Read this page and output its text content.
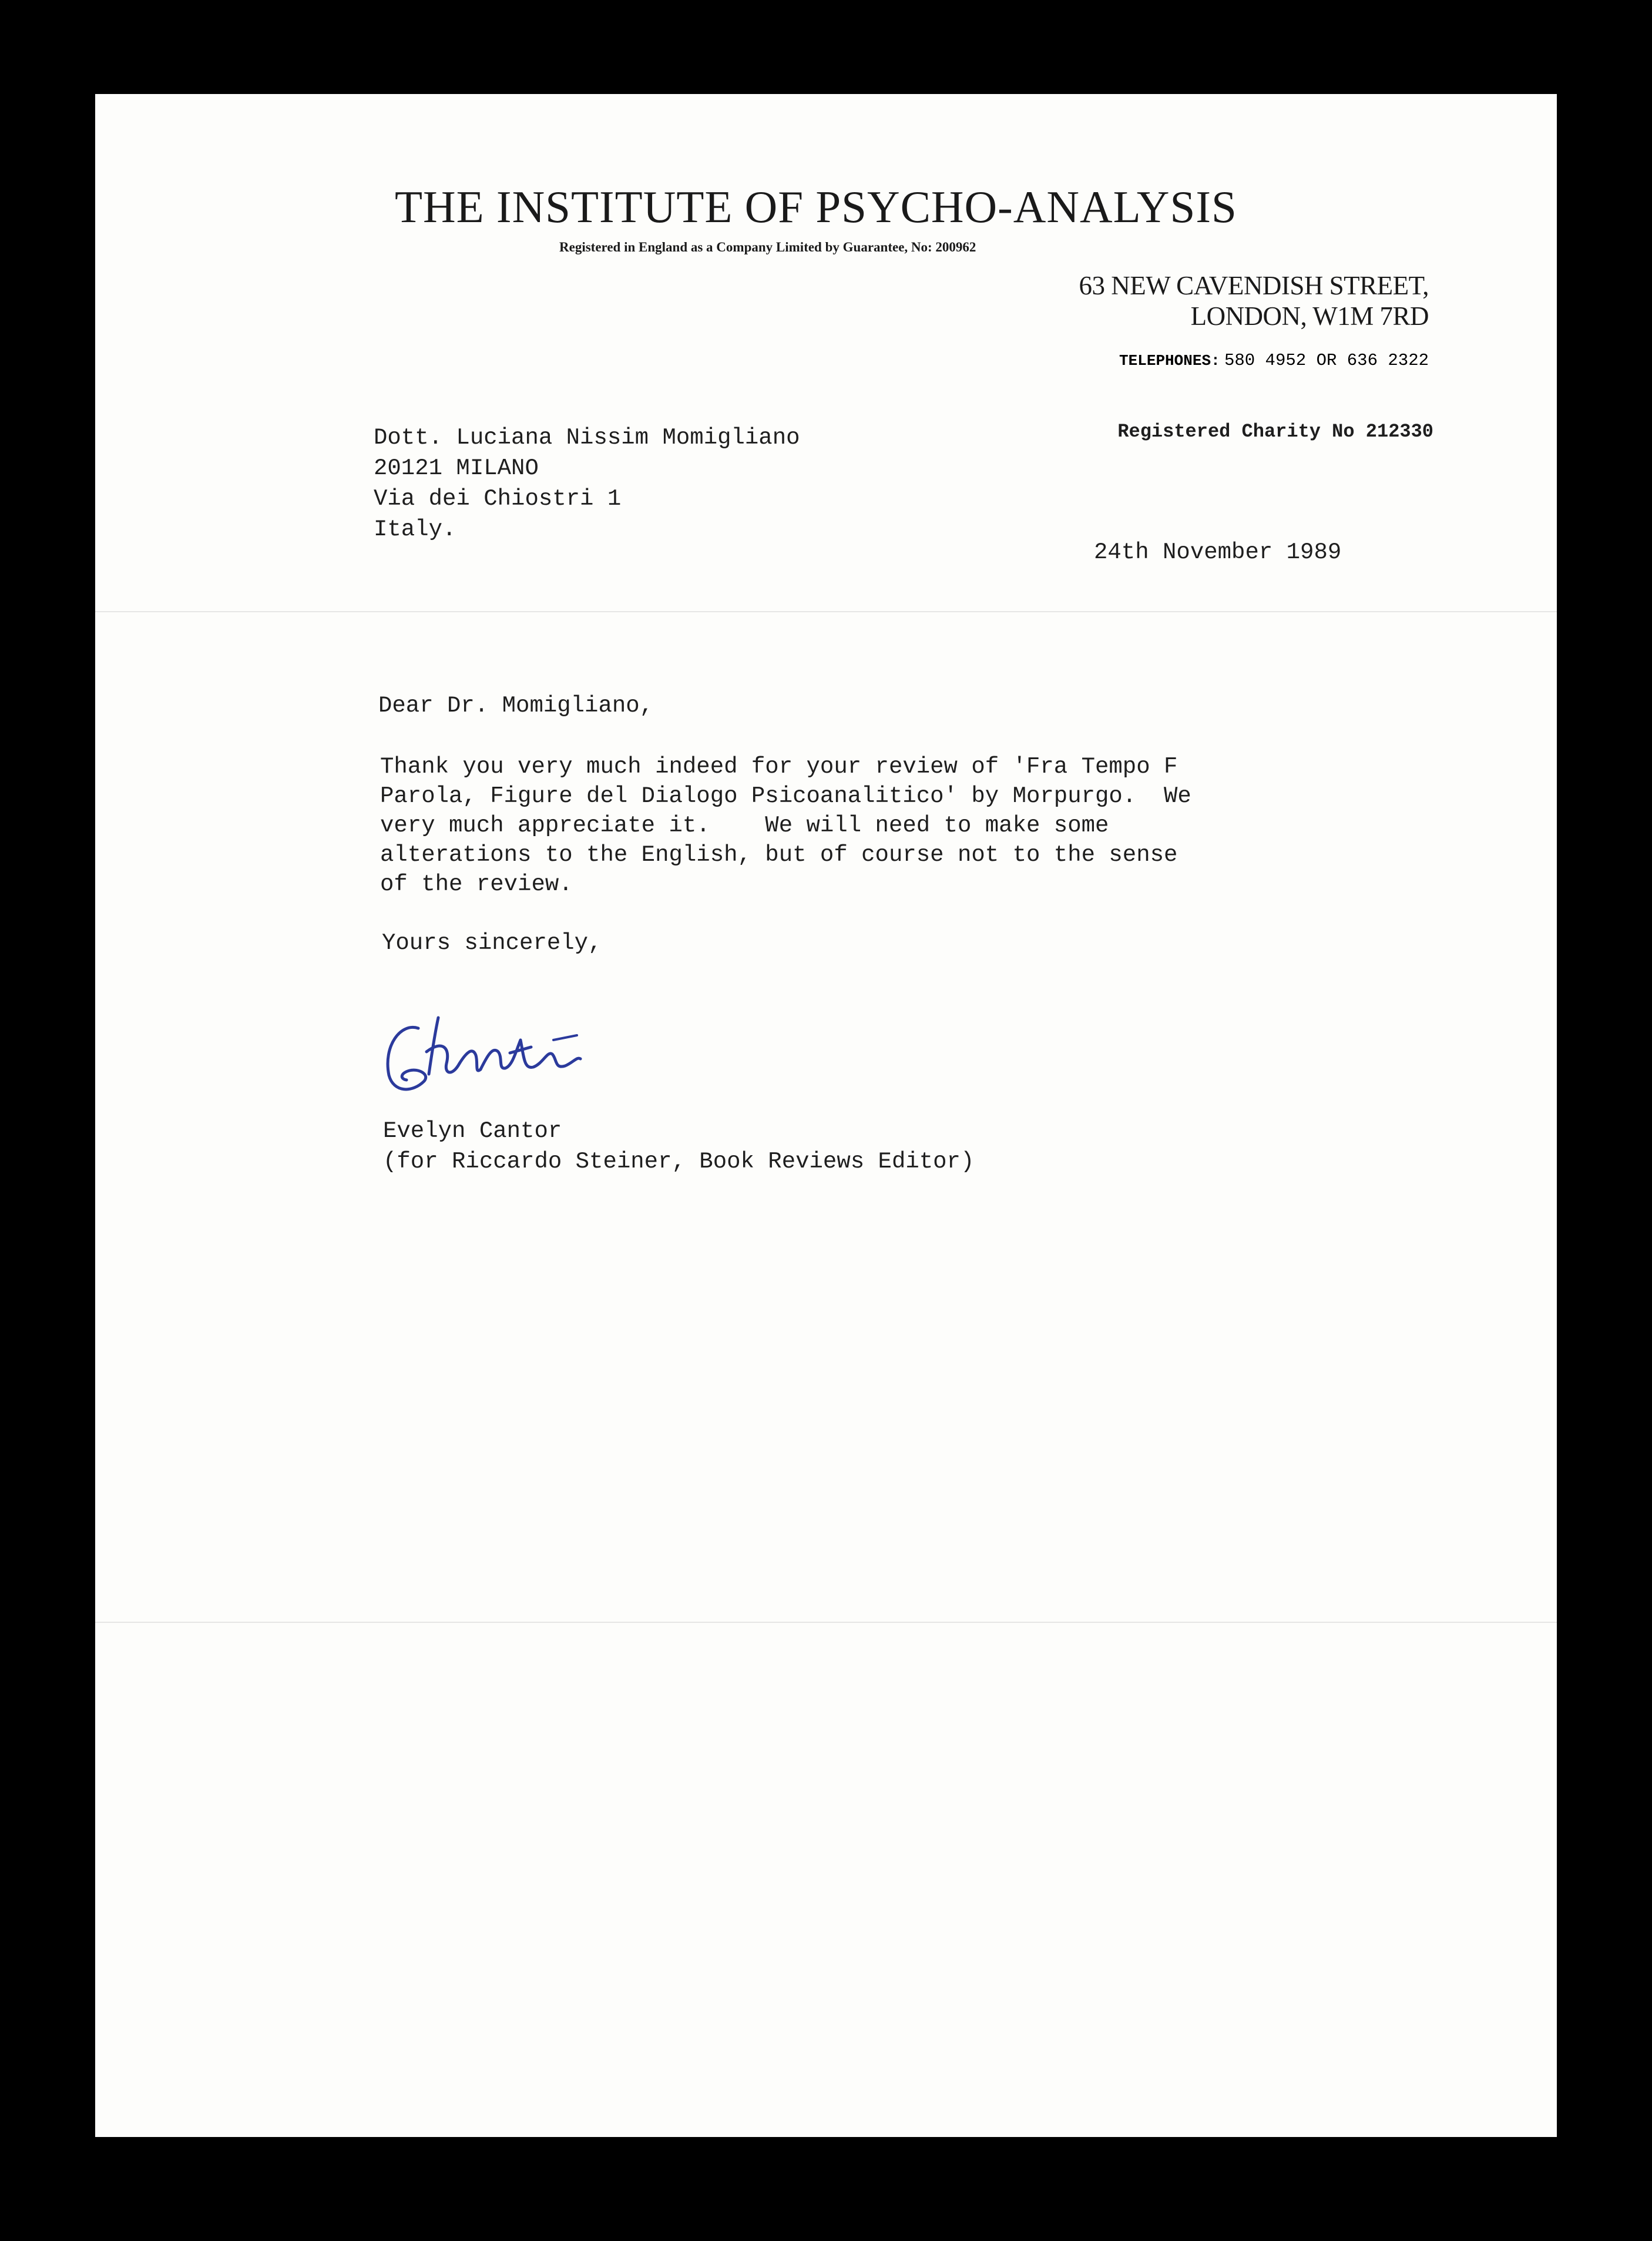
THE INSTITUTE OF PSYCHO-ANALYSIS
Registered in England as a Company Limited by Guarantee, No: 200962
63 NEW CAVENDISH STREET,
LONDON, W1M 7RD
TELEPHONES: 580 4952 OR 636 2322
Registered Charity No 212330
Dott. Luciana Nissim Momigliano
20121 MILANO
Via dei Chiostri 1
Italy.
24th November 1989
Dear Dr. Momigliano,
Thank you very much indeed for your review of 'Fra Tempo F
Parola, Figure del Dialogo Psicoanalitico' by Morpurgo.  We
very much appreciate it.    We will need to make some
alterations to the English, but of course not to the sense
of the review.
Yours sincerely,
Evelyn Cantor
(for Riccardo Steiner, Book Reviews Editor)
